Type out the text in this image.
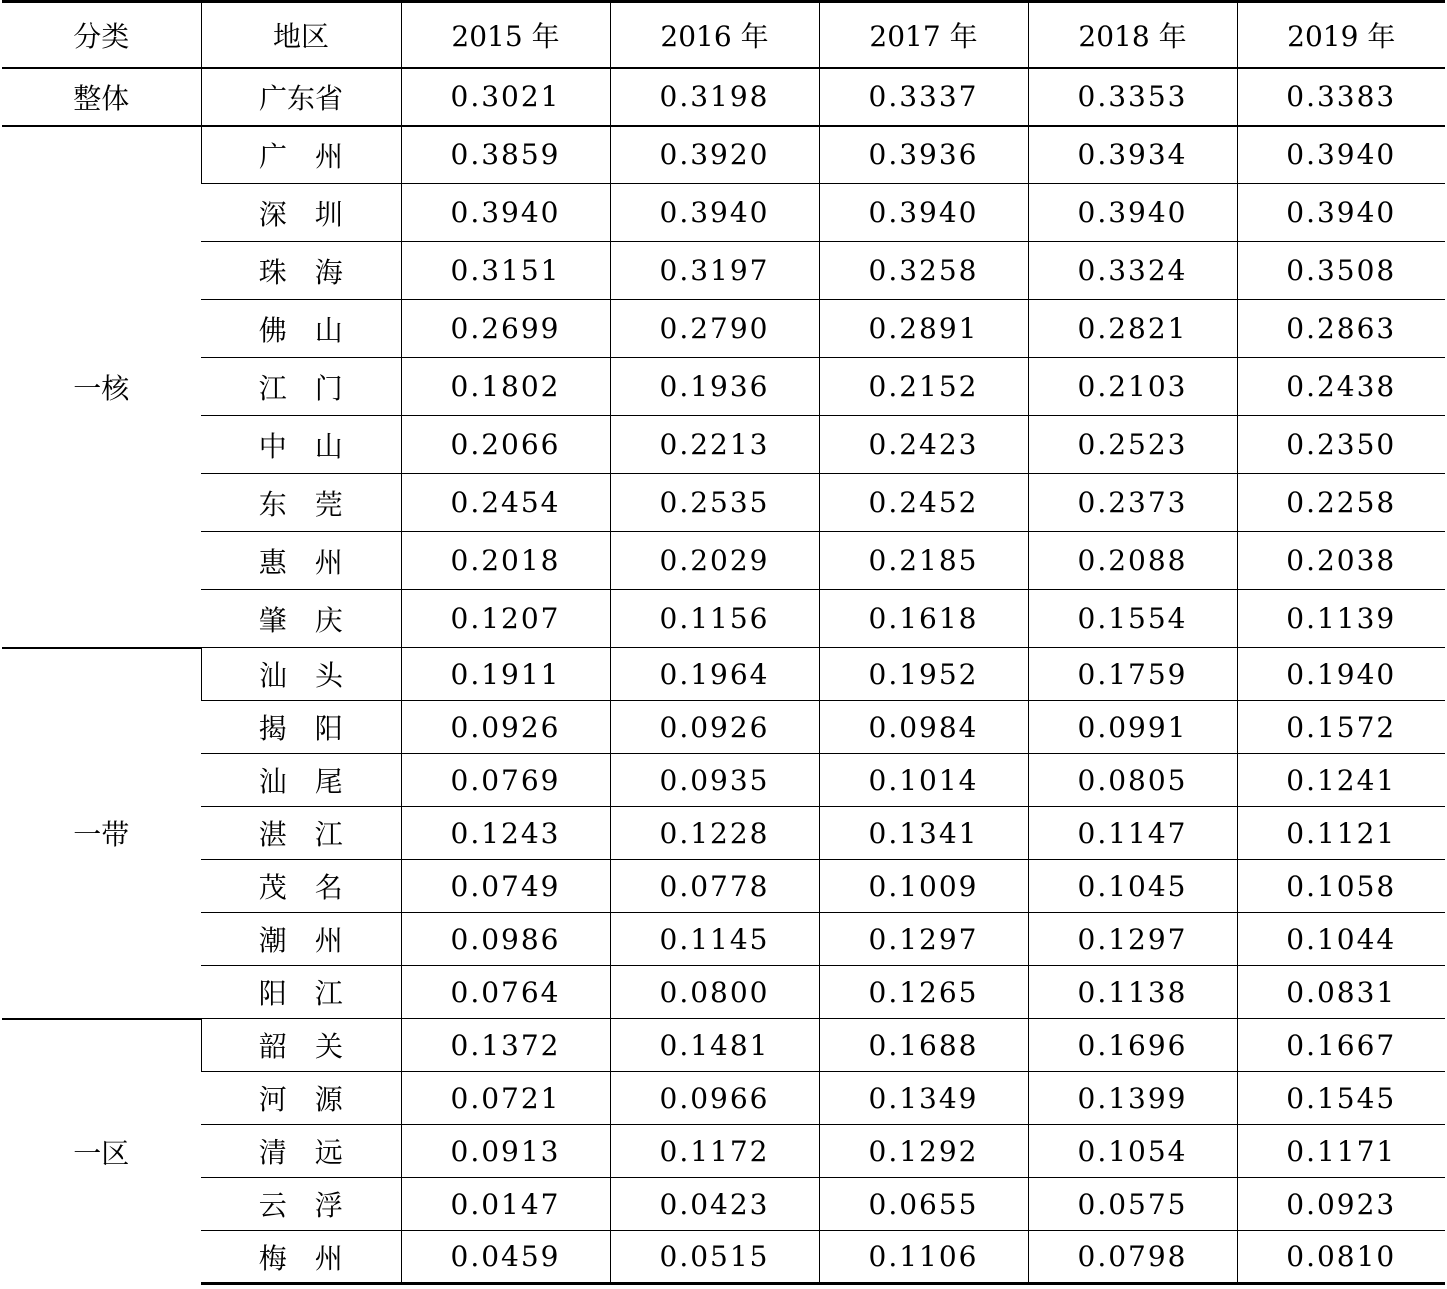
分类	地区	2015 年	2016 年	2017 年	2018 年	2019 年
整体	广东省	0.3021	0.3198	0.3337	0.3353	0.3383
一核	广　州	0.3859	0.3920	0.3936	0.3934	0.3940
	深　圳	0.3940	0.3940	0.3940	0.3940	0.3940
	珠　海	0.3151	0.3197	0.3258	0.3324	0.3508
	佛　山	0.2699	0.2790	0.2891	0.2821	0.2863
	江　门	0.1802	0.1936	0.2152	0.2103	0.2438
	中　山	0.2066	0.2213	0.2423	0.2523	0.2350
	东　莞	0.2454	0.2535	0.2452	0.2373	0.2258
	惠　州	0.2018	0.2029	0.2185	0.2088	0.2038
	肇　庆	0.1207	0.1156	0.1618	0.1554	0.1139
一带	汕　头	0.1911	0.1964	0.1952	0.1759	0.1940
	揭　阳	0.0926	0.0926	0.0984	0.0991	0.1572
	汕　尾	0.0769	0.0935	0.1014	0.0805	0.1241
	湛　江	0.1243	0.1228	0.1341	0.1147	0.1121
	茂　名	0.0749	0.0778	0.1009	0.1045	0.1058
	潮　州	0.0986	0.1145	0.1297	0.1297	0.1044
	阳　江	0.0764	0.0800	0.1265	0.1138	0.0831
一区	韶　关	0.1372	0.1481	0.1688	0.1696	0.1667
	河　源	0.0721	0.0966	0.1349	0.1399	0.1545
	清　远	0.0913	0.1172	0.1292	0.1054	0.1171
	云　浮	0.0147	0.0423	0.0655	0.0575	0.0923
	梅　州	0.0459	0.0515	0.1106	0.0798	0.0810
